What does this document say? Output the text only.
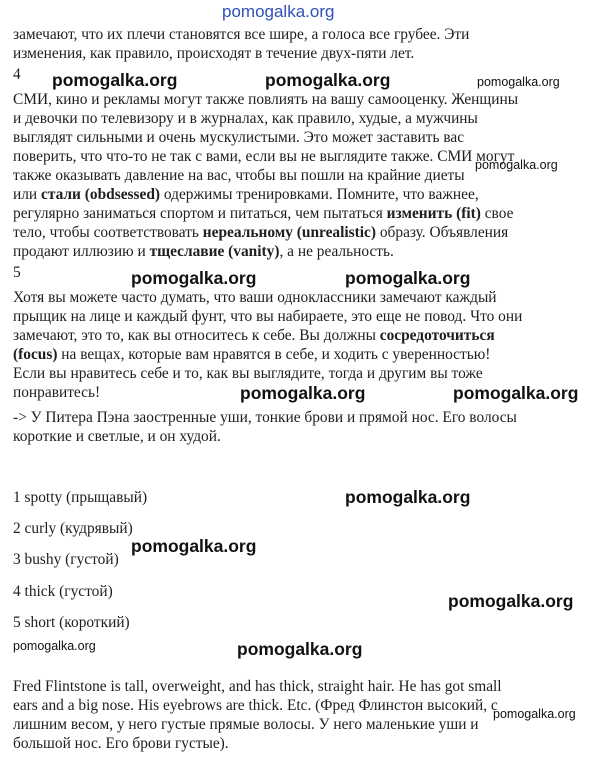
pomogalka.org
замечают, что их плечи становятся все шире, а голоса все грубее. Эти
изменения, как правило, происходят в течение двух-пяти лет.
4 pomogalka.org	pomogalka.org	pomogalka.org
СМИ, кино и рекламы могут также повлиять на вашу самооценку. Женщины
и девочки по телевизору и в журналах, как правило, худые, а мужчины
выглядят сильными и очень мускулистыми. Это может заставить вас
поверить, что что-то не так с вами, если вы не выглядите также. СМИ могут
pomogalka.org
также оказывать давление на вас, чтобы вы пошли на крайние диеты
или стали (obdsessed) одержимы тренировками. Помните, что важнее,
регулярно заниматься спортом и питаться, чем пытаться изменить (fit) свое
тело, чтобы соответствовать нереальному (unrealistic) образу. Объявления
продают иллюзию и тщеславие (vanity), а не реальность.
5	pomogalka.org	pomogalka.org
Хотя вы можете часто думать, что ваши одноклассники замечают каждый
прыщик на лице и каждый фунт, что вы набираете, это еще не повод. Что они
замечают, это то, как вы относитесь к себе. Вы должны сосредоточиться
(focus) на вещах, которые вам нравятся в себе, и ходить с уверенностью!
Если вы нравитесь себе и то, как вы выглядите, тогда и другим вы тоже
понравитесь!	pomogalka.org	pomogalka.org
-> У Питера Пэна заостренные уши, тонкие брови и прямой нос. Его волосы
короткие и светлые, и он худой.
1 spotty (прыщавый)	pomogalka.org
2 curly (кудрявый)
pomogalka.org
3 bushy (густой)
4 thick (густой)	pomogalka.org
5 short (короткий)
pomogalka.org	pomogalka.org
Fred Flintstone is tall, overweight, and has thick, straight hair. He has got small
ears and a big nose. His eyebrows are thick. Etc. (Фред Флинстон высокий, с
pomogalka.org
лишним весом, у него густые прямые волосы. У него маленькие уши и
большой нос. Его брови густые).
